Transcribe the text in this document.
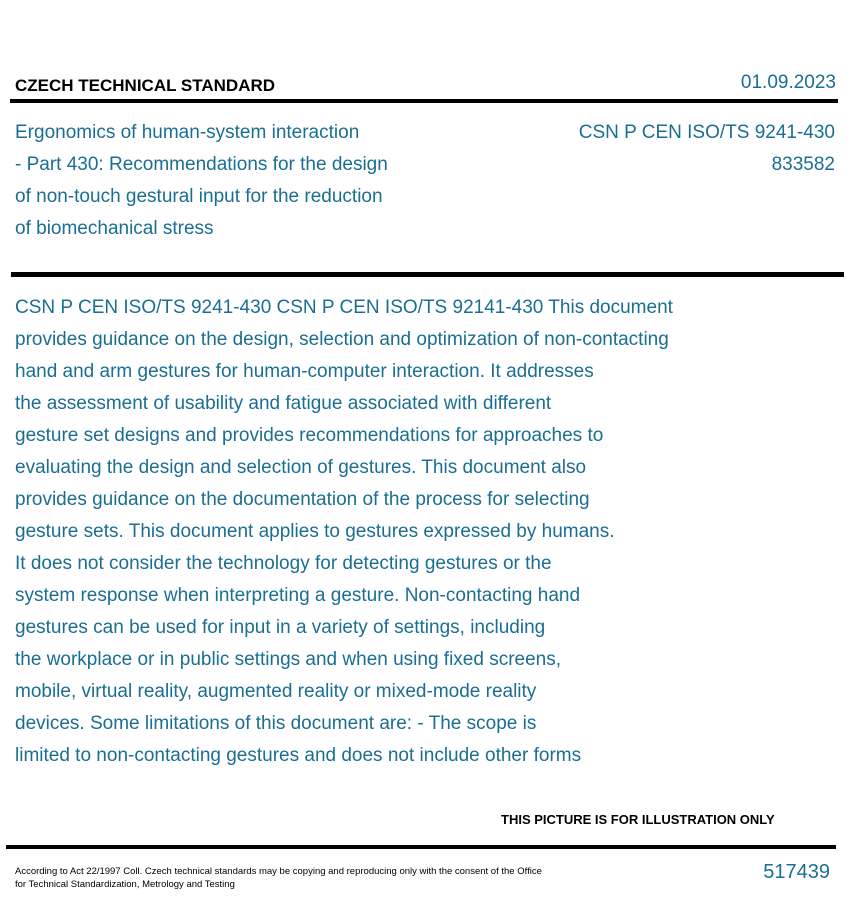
CZECH TECHNICAL STANDARD	01.09.2023
Ergonomics of human-system interaction
- Part 430: Recommendations for the design
of non-touch gestural input for the reduction
of biomechanical stress
CSN P CEN ISO/TS 9241-430
833582
CSN P CEN ISO/TS 9241-430 CSN P CEN ISO/TS 92141-430 This document
provides guidance on the design, selection and optimization of non-contacting
hand and arm gestures for human-computer interaction. It addresses
the assessment of usability and fatigue associated with different
gesture set designs and provides recommendations for approaches to
evaluating the design and selection of gestures. This document also
provides guidance on the documentation of the process for selecting
gesture sets. This document applies to gestures expressed by humans.
It does not consider the technology for detecting gestures or the
system response when interpreting a gesture. Non-contacting hand
gestures can be used for input in a variety of settings, including
the workplace or in public settings and when using fixed screens,
mobile, virtual reality, augmented reality or mixed-mode reality
devices. Some limitations of this document are: - The scope is
limited to non-contacting gestures and does not include other forms
THIS PICTURE IS FOR ILLUSTRATION ONLY
According to Act 22/1997 Coll. Czech technical standards may be copying and reproducing only with the consent of the Office
for Technical Standardization, Metrology and Testing
517439
